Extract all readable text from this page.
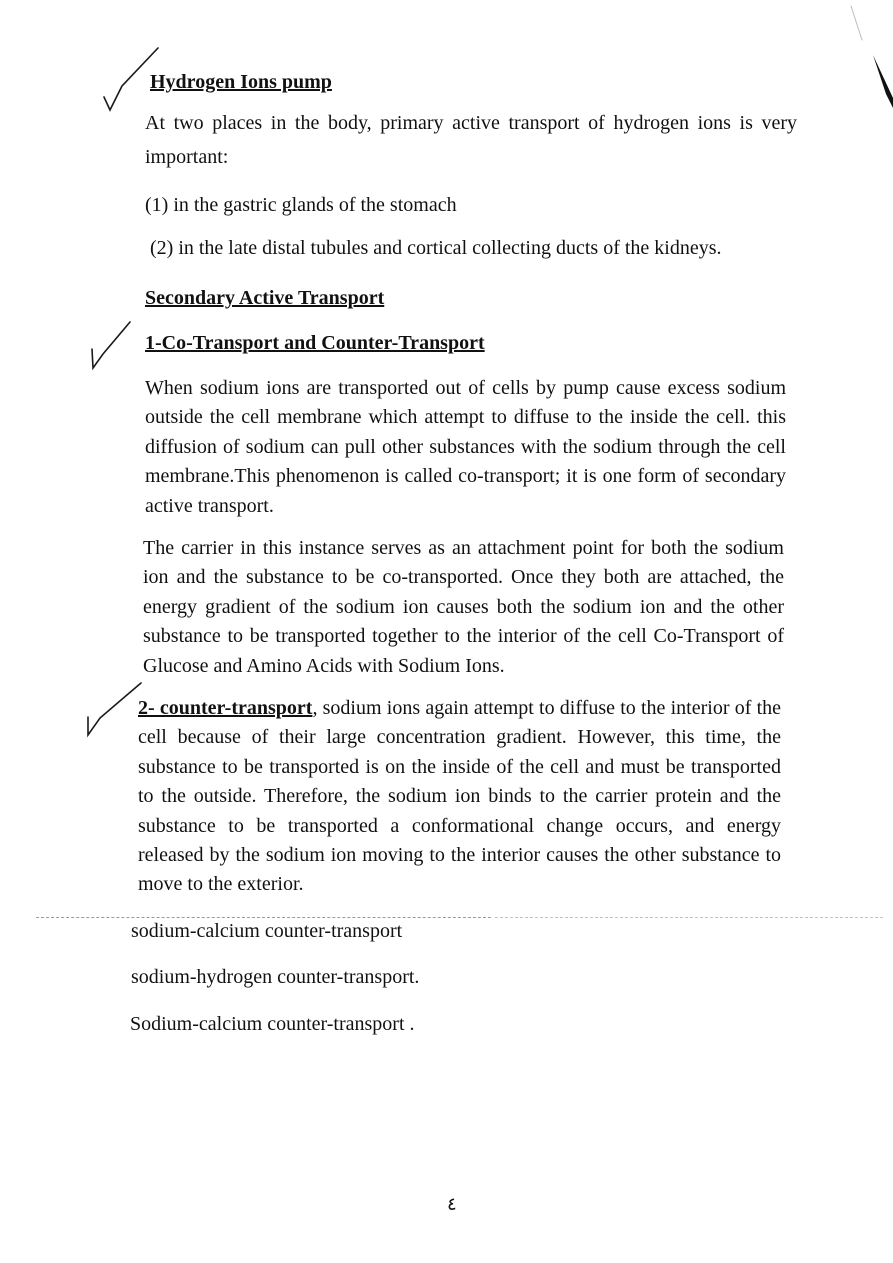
Hydrogen Ions pump
At two places in the body, primary active transport of hydrogen ions is very important:
(1) in the gastric glands of the stomach
(2) in the late distal tubules and cortical collecting ducts of the kidneys.
Secondary Active Transport
1-Co-Transport and Counter-Transport
When sodium ions are transported out of cells by pump cause excess sodium outside the cell membrane which attempt to diffuse to the inside the cell. this diffusion of sodium can pull other substances with the sodium through the cell membrane.This phenomenon is called co-transport; it is one form of secondary active transport.
The carrier in this instance serves as an attachment point for both the sodium ion and the substance to be co-transported. Once they both are attached, the energy gradient of the sodium ion causes both the sodium ion and the other substance to be transported together to the interior of the cell Co-Transport of Glucose and Amino Acids with Sodium Ions.
2- counter-transport, sodium ions again attempt to diffuse to the interior of the cell because of their large concentration gradient. However, this time, the substance to be transported is on the inside of the cell and must be transported to the outside. Therefore, the sodium ion binds to the carrier protein and the substance to be transported a conformational change occurs, and energy released by the sodium ion moving to the interior causes the other substance to move to the exterior.
sodium-calcium counter-transport
sodium-hydrogen counter-transport.
Sodium-calcium counter-transport .
٤
